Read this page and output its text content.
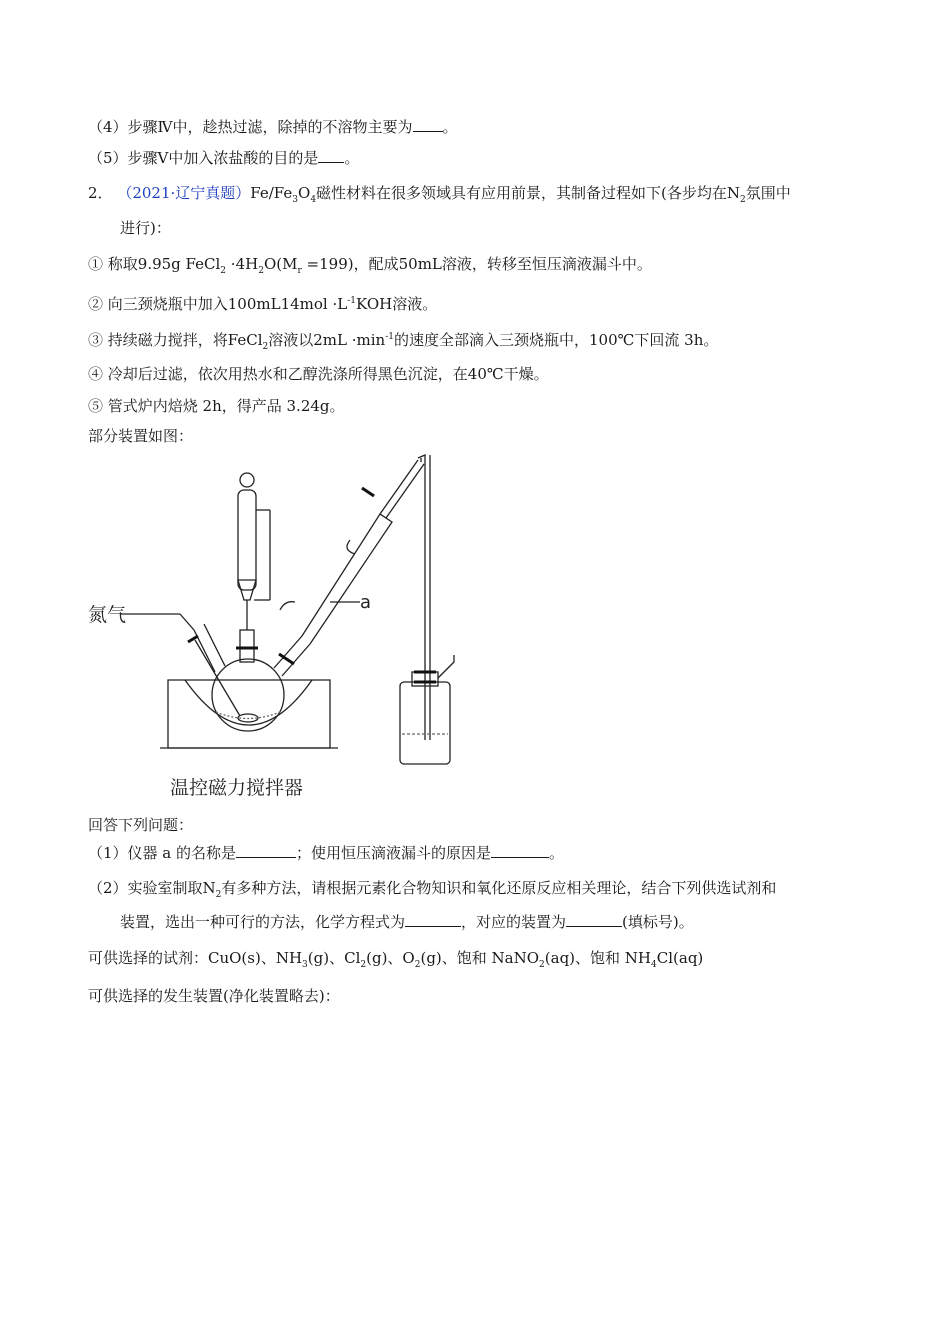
（4）步骤Ⅳ中，趁热过滤，除掉的不溶物主要为 。
（5）步骤Ⅴ中加入浓盐酸的目的是 。
2． （2021·辽宁真题）$Fe/Fe_3O_4$磁性材料在很多领域具有应用前景，其制备过程如下(各步均在$N_2$氛围中
进行)：
① 称取9.95g FeCl$_2$ $\cdot 4H_2O(M_r =199)$，配成50mL溶液，转移至恒压滴液漏斗中。
② 向三颈烧瓶中加入$100mL14mol \cdot L^{-1}KOH$溶液。
③ 持续磁力搅拌，将FeCl$_2$溶液以$2mL \cdot\min^{-1}$的速度全部滴入三颈烧瓶中，100℃下回流 3h。
④ 冷却后过滤，依次用热水和乙醇洗涤所得黑色沉淀，在40℃干燥。
⑤ 管式炉内焙烧 2h，得产品 3.24g。
部分装置如图：
氮气
a
温控磁力搅拌器
回答下列问题：
（1）仪器 a 的名称是	；使用恒压滴液漏斗的原因是	。
（2）实验室制取$N_2$有多种方法，请根据元素化合物知识和氧化还原反应相关理论，结合下列供选试剂和
装置，选出一种可行的方法，化学方程式为	，对应的装置为	(填标号)。
可供选择的试剂：CuO(s)、$NH_3(g)$、$Cl_2(g)$、$O_2(g)$、饱和 NaNO$_2$(aq)、饱和 $NH_4Cl(aq)$
可供选择的发生装置(净化装置略去)：
